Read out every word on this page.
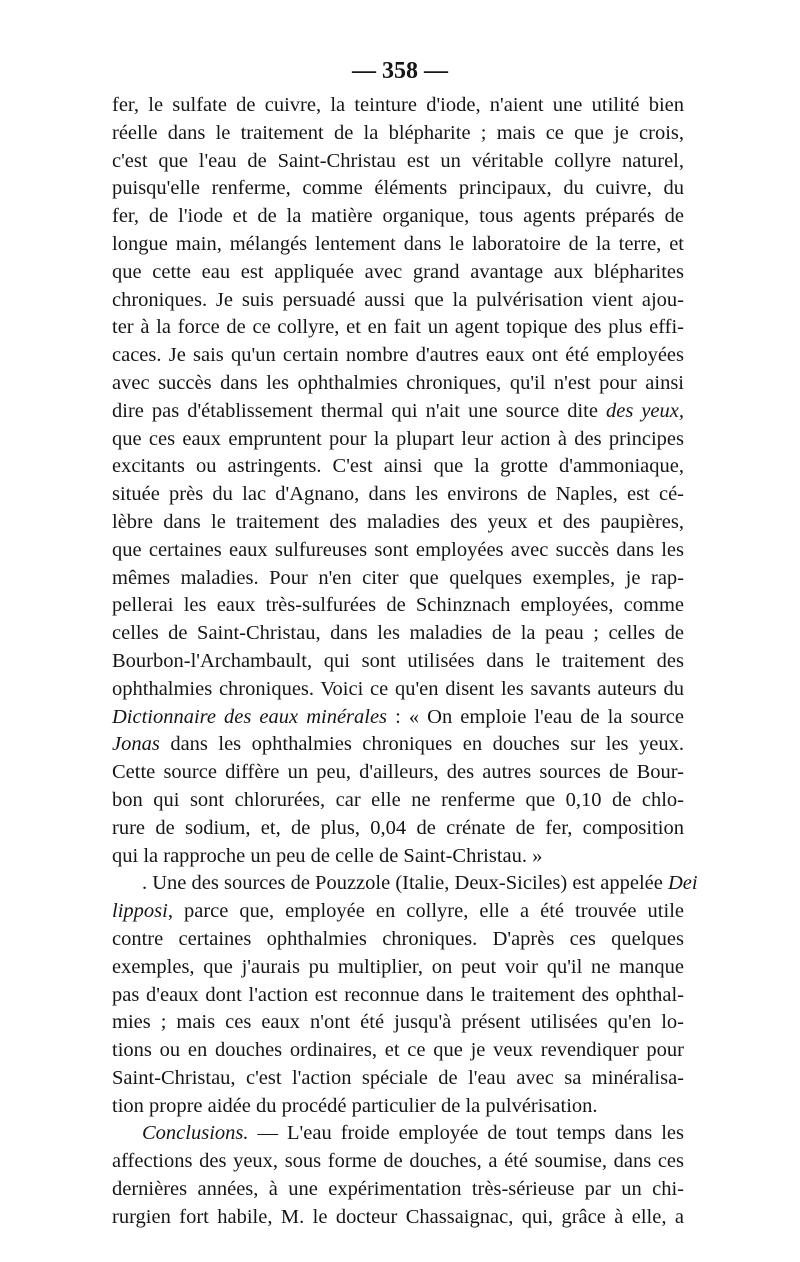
— 358 —
fer, le sulfate de cuivre, la teinture d'iode, n'aient une utilité bien
réelle dans le traitement de la blépharite ; mais ce que je crois,
c'est que l'eau de Saint-Christau est un véritable collyre naturel,
puisqu'elle renferme, comme éléments principaux, du cuivre, du
fer, de l'iode et de la matière organique, tous agents préparés de
longue main, mélangés lentement dans le laboratoire de la terre, et
que cette eau est appliquée avec grand avantage aux blépharites
chroniques. Je suis persuadé aussi que la pulvérisation vient ajou-
ter à la force de ce collyre, et en fait un agent topique des plus effi-
caces. Je sais qu'un certain nombre d'autres eaux ont été employées
avec succès dans les ophthalmies chroniques, qu'il n'est pour ainsi
dire pas d'établissement thermal qui n'ait une source dite des yeux,
que ces eaux empruntent pour la plupart leur action à des principes
excitants ou astringents. C'est ainsi que la grotte d'ammoniaque,
située près du lac d'Agnano, dans les environs de Naples, est cé-
lèbre dans le traitement des maladies des yeux et des paupières,
que certaines eaux sulfureuses sont employées avec succès dans les
mêmes maladies. Pour n'en citer que quelques exemples, je rap-
pellerai les eaux très-sulfurées de Schinznach employées, comme
celles de Saint-Christau, dans les maladies de la peau ; celles de
Bourbon-l'Archambault, qui sont utilisées dans le traitement des
ophthalmies chroniques. Voici ce qu'en disent les savants auteurs du
Dictionnaire des eaux minérales : « On emploie l'eau de la source
Jonas dans les ophthalmies chroniques en douches sur les yeux.
Cette source diffère un peu, d'ailleurs, des autres sources de Bour-
bon qui sont chlorurées, car elle ne renferme que 0,10 de chlo-
rure de sodium, et, de plus, 0,04 de crénate de fer, composition
qui la rapproche un peu de celle de Saint-Christau. »
. Une des sources de Pouzzole (Italie, Deux-Siciles) est appelée Dei
lipposi, parce que, employée en collyre, elle a été trouvée utile
contre certaines ophthalmies chroniques. D'après ces quelques
exemples, que j'aurais pu multiplier, on peut voir qu'il ne manque
pas d'eaux dont l'action est reconnue dans le traitement des ophthal-
mies ; mais ces eaux n'ont été jusqu'à présent utilisées qu'en lo-
tions ou en douches ordinaires, et ce que je veux revendiquer pour
Saint-Christau, c'est l'action spéciale de l'eau avec sa minéralisa-
tion propre aidée du procédé particulier de la pulvérisation.
Conclusions. — L'eau froide employée de tout temps dans les
affections des yeux, sous forme de douches, a été soumise, dans ces
dernières années, à une expérimentation très-sérieuse par un chi-
rurgien fort habile, M. le docteur Chassaignac, qui, grâce à elle, a
